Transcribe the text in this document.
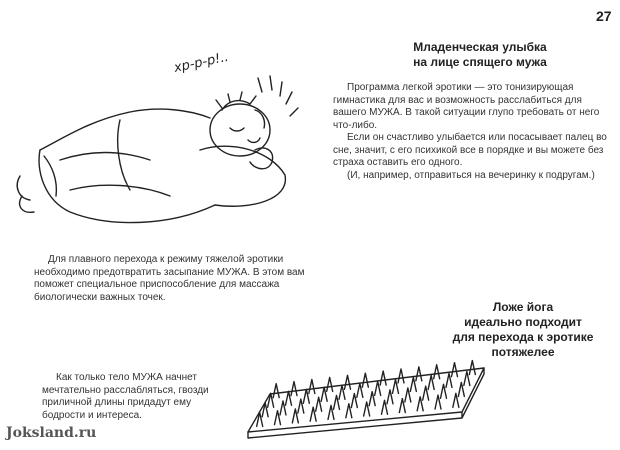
27
хр-р-р!..
Младенческая улыбка
на лице спящего мужа

Программа легкой эротики — это тонизирующая гимнастика для вас и возможность расслабиться для вашего МУЖА. В такой ситуации глупо требовать от него что-либо.

Если он счастливо улыбается или посасывает палец во сне, значит, с его психикой все в порядке и вы можете без страха оставить его одного.

(И, например, отправиться на вечеринку к подругам.)

Для плавного перехода к режиму тяжелой эротики необходимо предотвратить засыпание МУЖА. В этом вам поможет специальное приспособление для массажа биологически важных точек.

Ложе йога
идеально подходит
для перехода к эротике
потяжелее

Как только тело МУЖА начнет мечтательно расслабляться, гвозди приличной длины придадут ему бодрости и интереса.

Joksland.ru
